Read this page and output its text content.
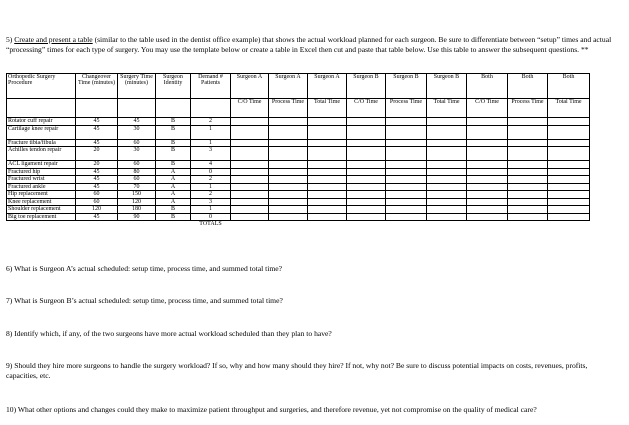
5) Create and present a table (similar to the table used in the dentist office example) that shows the actual workload planned for each surgeon. Be sure to differentiate between “setup” times and actual “processing” times for each type of surgery. You may use the template below or create a table in Excel then cut and paste that table below. Use this table to answer the subsequent questions. **

Orthopedic Surgery Procedure	Changeover Time (minutes)	Surgery Time (minutes)	Surgeon Identity	Demand # Patients	Surgeon A	Surgeon A	Surgeon A	Surgeon B	Surgeon B	Surgeon B	Both	Both	Both
					C/O Time	Process Time	Total Time	C/O Time	Process Time	Total Time	C/O Time	Process Time	Total Time
Rotator cuff repair	45	45	B	2									
Cartilage knee repair	45	30	B	1									
Fracture tibia/fibula	45	60	B	1									
Achilles tendon repair	20	30	B	3									
ACL ligament repair	20	60	B	4									
Fractured hip	45	80	A	0									
Fractured wrist	45	60	A	2									
Fractured ankle	45	70	A	1									
Hip replacement	60	150	A	2									
Knee replacement	60	120	A	3									
Shoulder replacement	120	180	B	1									
Big toe replacement	45	90	B	0									
				TOTALS									

6) What is Surgeon A’s actual scheduled: setup time, process time, and summed total time?

7) What is Surgeon B’s actual scheduled: setup time, process time, and summed total time?

8) Identify which, if any, of the two surgeons have more actual workload scheduled than they plan to have?

9) Should they hire more surgeons to handle the surgery workload? If so, why and how many should they hire? If not, why not? Be sure to discuss potential impacts on costs, revenues, profits, capacities, etc.

10) What other options and changes could they make to maximize patient throughput and surgeries, and therefore revenue, yet not compromise on the quality of medical care?
